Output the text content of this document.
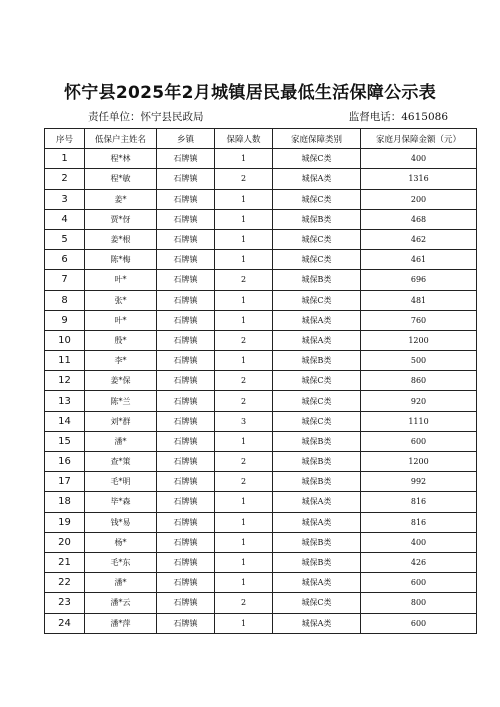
怀宁县2025年2月城镇居民最低生活保障公示表
责任单位：怀宁县民政局	监督电话：4615086
序号	低保户主姓名	乡镇	保障人数	家庭保障类别	家庭月保障金额（元）
1	程*林	石牌镇	1	城保C类	400
2	程*敏	石牌镇	2	城保A类	1316
3	姜*	石牌镇	1	城保C类	200
4	贾*伢	石牌镇	1	城保B类	468
5	姜*根	石牌镇	1	城保C类	462
6	陈*梅	石牌镇	1	城保C类	461
7	叶*	石牌镇	2	城保B类	696
8	张*	石牌镇	1	城保C类	481
9	叶*	石牌镇	1	城保A类	760
10	殷*	石牌镇	2	城保A类	1200
11	李*	石牌镇	1	城保B类	500
12	姜*保	石牌镇	2	城保C类	860
13	陈*兰	石牌镇	2	城保C类	920
14	刘*群	石牌镇	3	城保C类	1110
15	潘*	石牌镇	1	城保B类	600
16	查*策	石牌镇	2	城保B类	1200
17	毛*明	石牌镇	2	城保B类	992
18	毕*森	石牌镇	1	城保A类	816
19	钱*易	石牌镇	1	城保A类	816
20	杨*	石牌镇	1	城保B类	400
21	毛*东	石牌镇	1	城保B类	426
22	潘*	石牌镇	1	城保A类	600
23	潘*云	石牌镇	2	城保C类	800
24	潘*萍	石牌镇	1	城保A类	600
